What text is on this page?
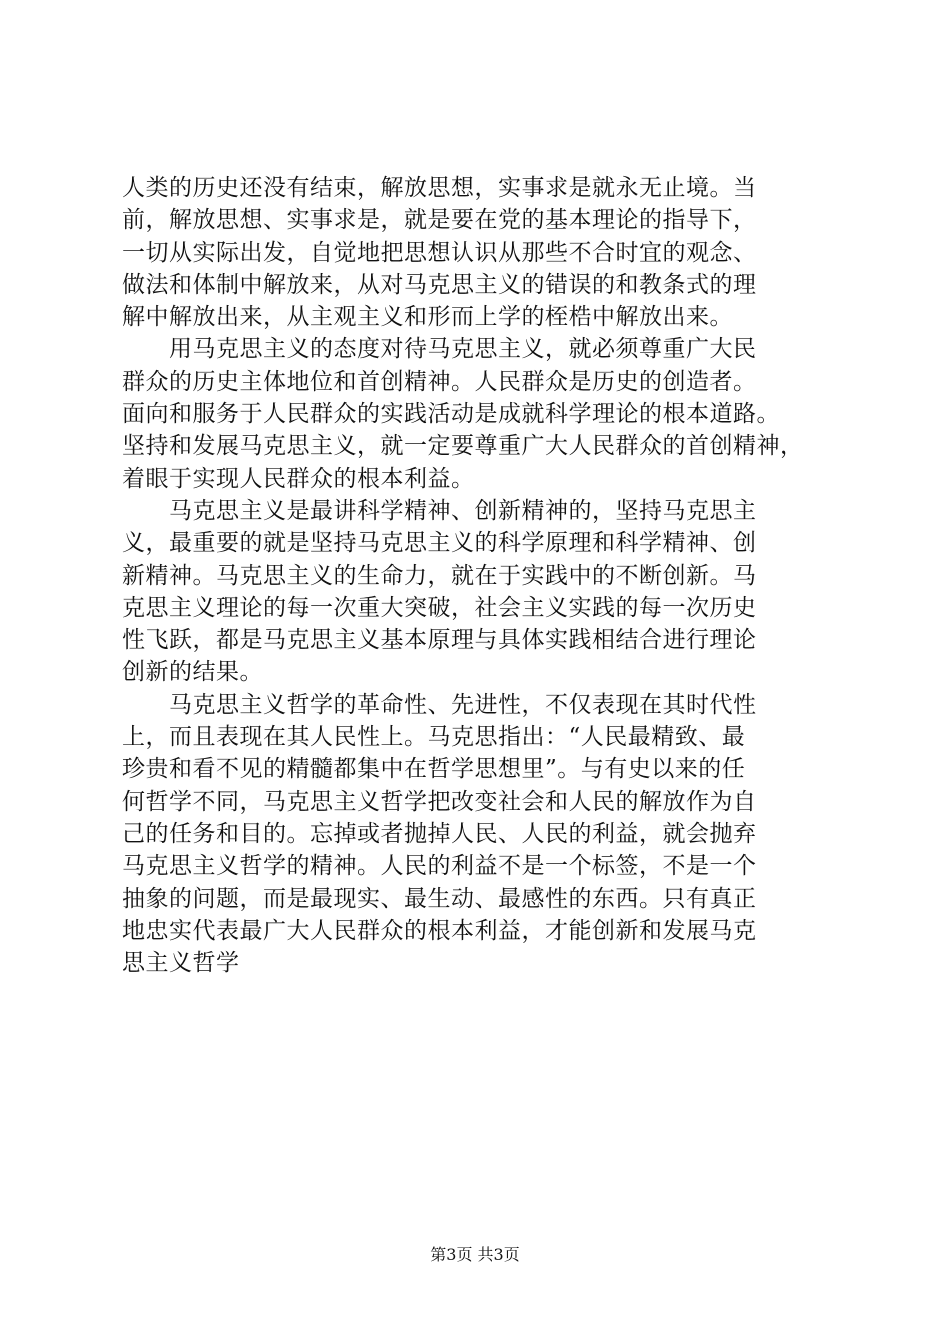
人类的历史还没有结束，解放思想，实事求是就永无止境。当
前，解放思想、实事求是，就是要在党的基本理论的指导下，
一切从实际出发，自觉地把思想认识从那些不合时宜的观念、
做法和体制中解放来，从对马克思主义的错误的和教条式的理
解中解放出来，从主观主义和形而上学的桎梏中解放出来。
　　用马克思主义的态度对待马克思主义，就必须尊重广大民
群众的历史主体地位和首创精神。人民群众是历史的创造者。
面向和服务于人民群众的实践活动是成就科学理论的根本道路。
坚持和发展马克思主义，就一定要尊重广大人民群众的首创精神，
着眼于实现人民群众的根本利益。
　　马克思主义是最讲科学精神、创新精神的，坚持马克思主
义，最重要的就是坚持马克思主义的科学原理和科学精神、创
新精神。马克思主义的生命力，就在于实践中的不断创新。马
克思主义理论的每一次重大突破，社会主义实践的每一次历史
性飞跃，都是马克思主义基本原理与具体实践相结合进行理论
创新的结果。
　　马克思主义哲学的革命性、先进性，不仅表现在其时代性
上，而且表现在其人民性上。马克思指出：“人民最精致、最
珍贵和看不见的精髓都集中在哲学思想里”。与有史以来的任
何哲学不同，马克思主义哲学把改变社会和人民的解放作为自
己的任务和目的。忘掉或者抛掉人民、人民的利益，就会抛弃
马克思主义哲学的精神。人民的利益不是一个标签，不是一个
抽象的问题，而是最现实、最生动、最感性的东西。只有真正
地忠实代表最广大人民群众的根本利益，才能创新和发展马克
思主义哲学
第3页 共3页
